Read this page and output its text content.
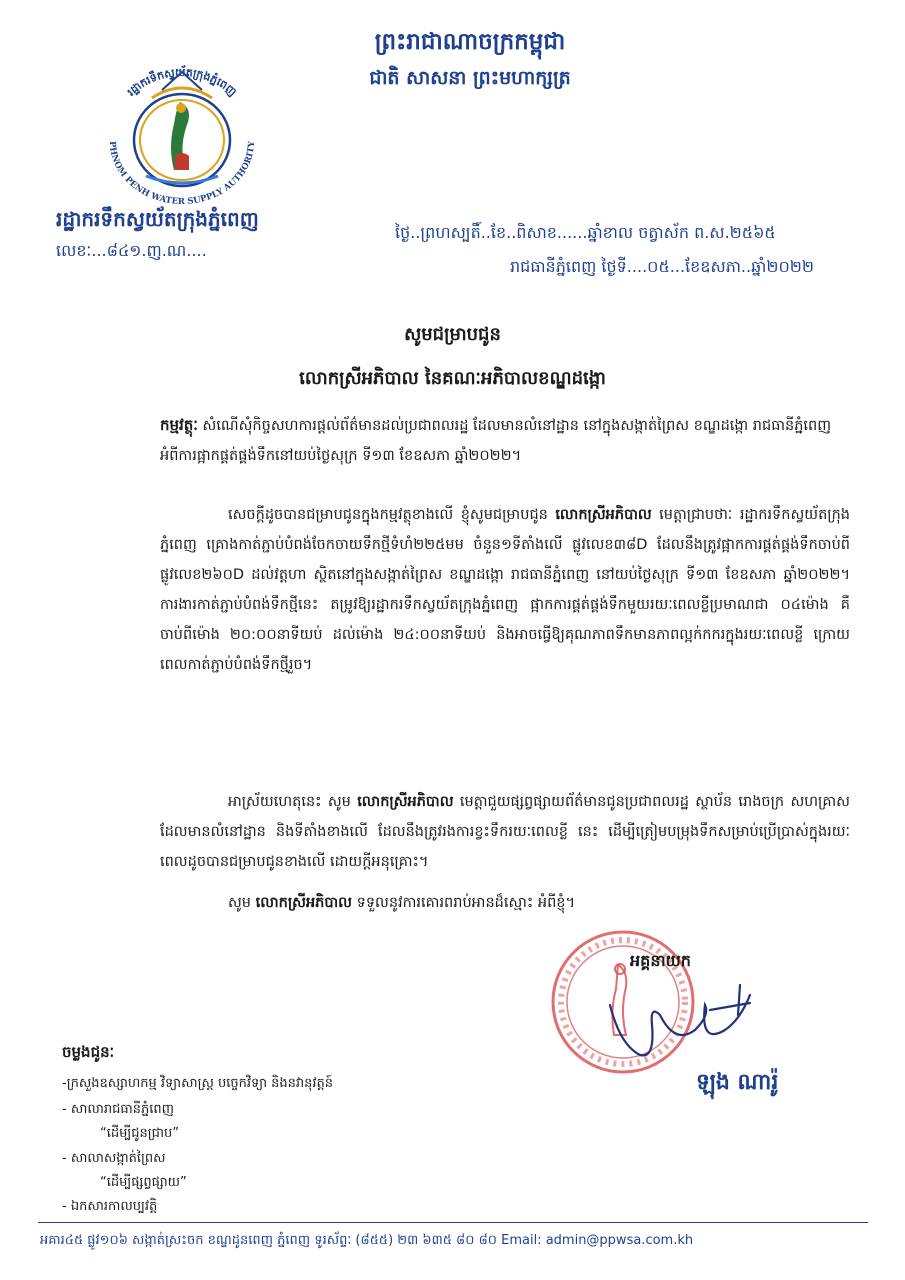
ព្រះរាជាណាចក្រកម្ពុជា
ជាតិ សាសនា ព្រះមហាក្សត្រ
រដ្ឋាករទឹកស្វយ័តក្រុងភ្នំពេញ
PHNOM PENH WATER SUPPLY AUTHORITY
រដ្ឋាករទឹកស្វយ័តក្រុងភ្នំពេញ
លេខៈ...៨៤១.ញ.ណ....
ថ្ងៃ..ព្រហស្បតិ៍..ខែ..ពិសាខ......ឆ្នាំខាល ចត្វាស័ក ព.ស.២៥៦៥
រាជធានីភ្នំពេញ ថ្ងៃទី....០៥...ខែឧសភា..ឆ្នាំ២០២២
សូមជម្រាបជូន
លោកស្រីអភិបាល នៃគណៈអភិបាលខណ្ឌដង្កោ
កម្មវត្ថុៈ សំណើសុំកិច្ចសហការផ្ដល់ព័ត៌មានដល់ប្រជាពលរដ្ឋ ដែលមានលំនៅដ្ឋាន នៅក្នុងសង្កាត់ព្រៃស ខណ្ឌដង្កោ រាជធានីភ្នំពេញ អំពីការផ្អាកផ្គត់ផ្គង់ទឹកនៅយប់ថ្ងៃសុក្រ ទី១៣ ខែឧសភា ឆ្នាំ២០២២។
សេចក្តីដូចបានជម្រាបជូនក្នុងកម្មវត្ថុខាងលើ ខ្ញុំសូមជម្រាបជូន លោកស្រីអភិបាល មេត្តាជ្រាបថាៈ រដ្ឋាករទឹកស្វយ័តក្រុងភ្នំពេញ គ្រោងកាត់ភ្ជាប់បំពង់ចែកចាយទឹកថ្មីទំហំ២២៥មម ចំនួន១ទីតាំងលើ ផ្លូវលេខ៣៨D ដែលនឹងត្រូវផ្អាកការផ្គត់ផ្គង់ទឹកចាប់ពីផ្លូវលេខ២៦០D ដល់វត្តហា ស្ថិតនៅក្នុងសង្កាត់ព្រៃស ខណ្ឌដង្កោ រាជធានីភ្នំពេញ នៅយប់ថ្ងៃសុក្រ ទី១៣ ខែឧសភា ឆ្នាំ២០២២។ ការងារកាត់ភ្ជាប់បំពង់ទឹកថ្មីនេះ តម្រូវឱ្យរដ្ឋាករទឹកស្វយ័តក្រុងភ្នំពេញ ផ្អាកការផ្គត់ផ្គង់ទឹកមួយរយៈពេលខ្លីប្រមាណជា ០៤ម៉ោង គឺចាប់ពីម៉ោង ២០:០០នាទីយប់ ដល់ម៉ោង ២៤:០០នាទីយប់ និងអាចធ្វើឱ្យគុណភាពទឹកមានភាពល្អក់កករក្នុងរយៈពេលខ្លី ក្រោយពេលកាត់ភ្ជាប់បំពង់ទឹកថ្មីរួច។
អាស្រ័យហេតុនេះ សូម លោកស្រីអភិបាល មេត្តាជួយផ្សព្វផ្សាយព័ត៌មានជូនប្រជាពលរដ្ឋ ស្ថាប័ន រោងចក្រ សហគ្រាស ដែលមានលំនៅដ្ឋាន និងទីតាំងខាងលើ ដែលនឹងត្រូវរងការខ្វះទឹករយៈពេលខ្លី នេះ ដើម្បីត្រៀមបម្រុងទឹកសម្រាប់ប្រើប្រាស់ក្នុងរយៈពេលដូចបានជម្រាបជូនខាងលើ ដោយក្ដីអនុគ្រោះ។
សូម លោកស្រីអភិបាល ទទួលនូវការគោរពរាប់អានដ៏ស្មោះ អំពីខ្ញុំ។
អគ្គនាយក
ឡុង ណារ៉ូ
ចម្លងជូនៈ
-ក្រសួងឧស្សាហកម្ម វិទ្យាសាស្ត្រ បច្ចេកវិទ្យា និងនវានុវត្តន៍
- សាលារាជធានីភ្នំពេញ
“ដើម្បីជូនជ្រាប”
- សាលាសង្កាត់ព្រៃស
“ដើម្បីផ្សព្វផ្សាយ”
- ឯកសារកាលប្បវត្តិ
អគារ៤៥ ផ្លូវ១០៦ សង្កាត់ស្រះចក ខណ្ឌដូនពេញ ភ្នំពេញ ទូរស័ព្ទៈ (៨៥៥) ២៣ ៦៣៥ ៨០ ៨០ Email: admin@ppwsa.com.kh
